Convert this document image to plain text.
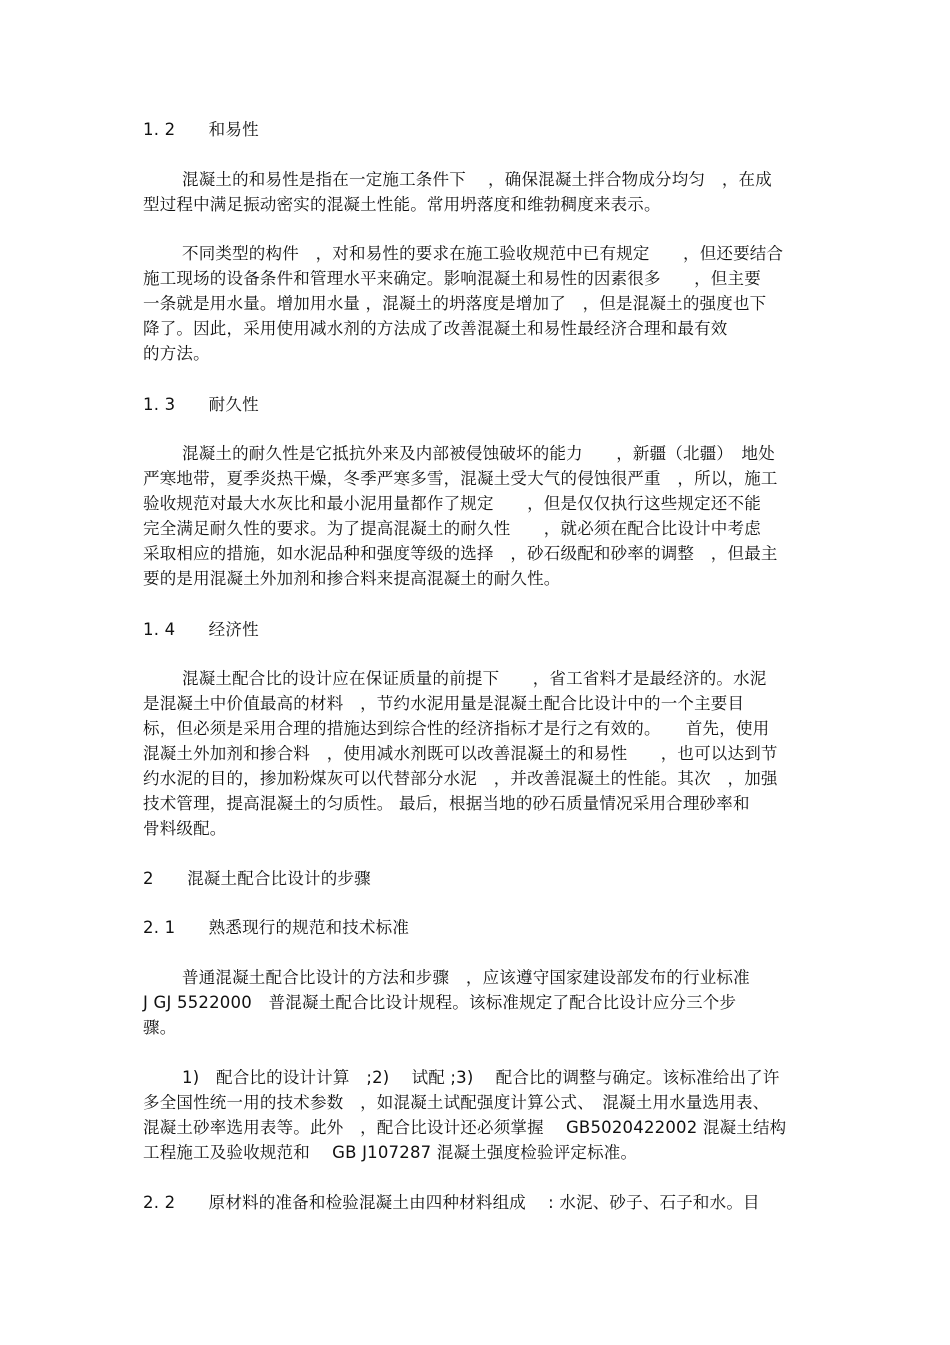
1. 2　　和易性

混凝土的和易性是指在一定施工条件下　 ，确保混凝土拌合物成分均匀　，在成

型过程中满足振动密实的混凝土性能。常用坍落度和维勃稠度来表示。

不同类型的构件　，对和易性的要求在施工验收规范中已有规定　　，但还要结合

施工现场的设备条件和管理水平来确定。影响混凝土和易性的因素很多　　，但主要

一条就是用水量。增加用水量 ，混凝土的坍落度是增加了　，但是混凝土的强度也下

降了。因此，采用使用减水剂的方法成了改善混凝土和易性最经济合理和最有效

的方法。

1. 3　　耐久性

混凝土的耐久性是它抵抗外来及内部被侵蚀破坏的能力　　，新疆（北疆）　地处

严寒地带，夏季炎热干燥，冬季严寒多雪，混凝土受大气的侵蚀很严重　，所以，施工

验收规范对最大水灰比和最小泥用量都作了规定　　，但是仅仅执行这些规定还不能

完全满足耐久性的要求。为了提高混凝土的耐久性　　，就必须在配合比设计中考虑

采取相应的措施，如水泥品种和强度等级的选择　，砂石级配和砂率的调整　，但最主

要的是用混凝土外加剂和掺合料来提高混凝土的耐久性。

1. 4　　经济性

混凝土配合比的设计应在保证质量的前提下　　，省工省料才是最经济的。水泥

是混凝土中价值最高的材料　，节约水泥用量是混凝土配合比设计中的一个主要目

标，但必须是采用合理的措施达到综合性的经济指标才是行之有效的。　　首先，使用

混凝土外加剂和掺合料　，使用减水剂既可以改善混凝土的和易性　　，也可以达到节

约水泥的目的，掺加粉煤灰可以代替部分水泥　，并改善混凝土的性能。其次　，加强

技术管理，提高混凝土的匀质性。 最后，根据当地的砂石质量情况采用合理砂率和

骨料级配。

2　　混凝土配合比设计的步骤

2. 1　　熟悉现行的规范和技术标准

普通混凝土配合比设计的方法和步骤　，应该遵守国家建设部发布的行业标准

J GJ 5522000　普混凝土配合比设计规程。该标准规定了配合比设计应分三个步

骤。

1)　配合比的设计计算　;2)　 试配 ;3)　 配合比的调整与确定。该标准给出了许

多全国性统一用的技术参数　，如混凝土试配强度计算公式、　混凝土用水量选用表、

混凝土砂率选用表等。此外　，配合比设计还必须掌握　 GB5020422002 混凝土结构

工程施工及验收规范和　 GB J107287 混凝土强度检验评定标准。

2. 2　　原材料的准备和检验混凝土由四种材料组成　 : 水泥、砂子、石子和水。目
